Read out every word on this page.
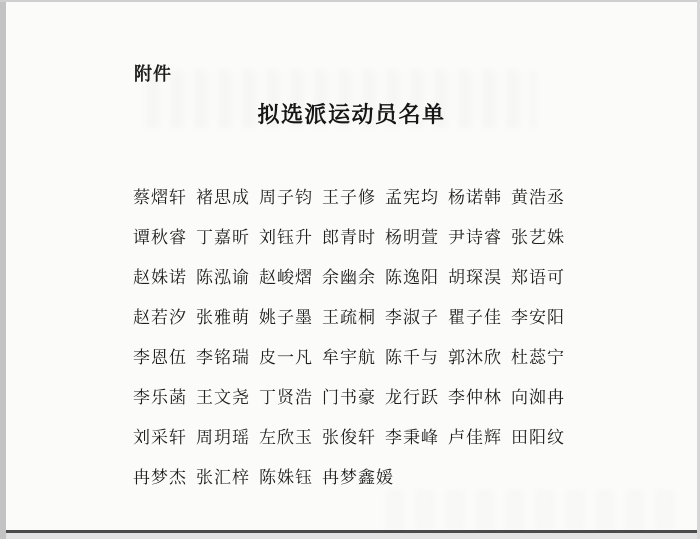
附件
拟选派运动员名单
蔡熠轩 褚思成 周子钧 王子修 孟宪均 杨诺韩 黄浩丞
谭秋睿 丁嘉昕 刘钰升 郎青时 杨明萱 尹诗睿 张艺姝
赵姝诺 陈泓谕 赵峻熠 余幽余 陈逸阳 胡琛淏 郑语可
赵若汐 张雅萌 姚子墨 王疏桐 李淑子 瞿子佳 李安阳
李恩伍 李铭瑞 皮一凡 牟宇航 陈千与 郭沐欣 杜蕊宁
李乐菡 王文尧 丁贤浩 门书豪 龙行跃 李仲林 向洳冉
刘采轩 周玥瑶 左欣玉 张俊轩 李秉峰 卢佳辉 田阳纹
冉梦杰 张汇梓 陈姝钰 冉梦鑫媛
